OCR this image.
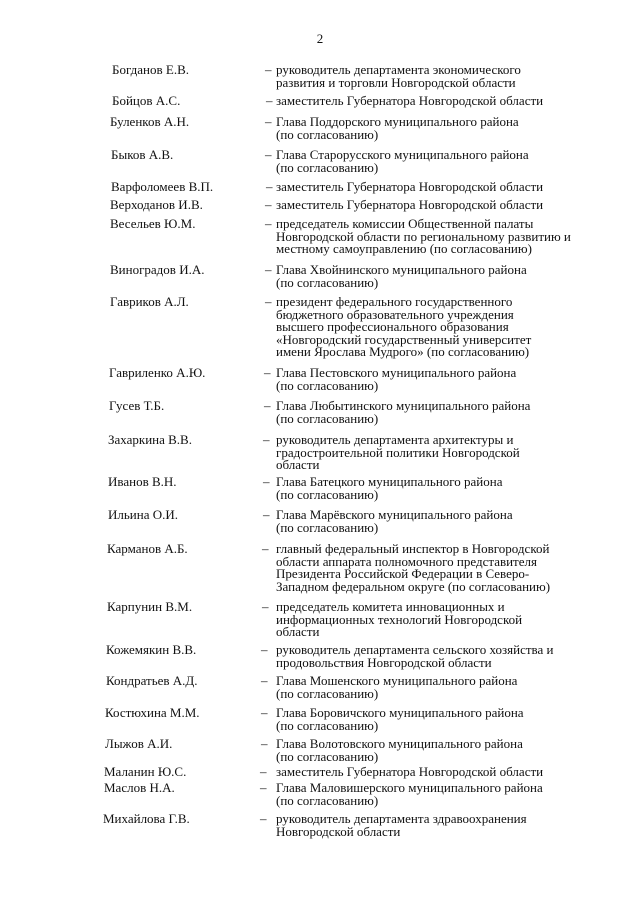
2
Богданов Е.В.	– руководитель департамента экономического
развития и торговли Новгородской области
Бойцов А.С.	– заместитель Губернатора Новгородской области
Буленков А.Н.	– Глава Поддорского муниципального района
(по согласованию)
Быков А.В.	– Глава Старорусского муниципального района
(по согласованию)
Варфоломеев В.П.	– заместитель Губернатора Новгородской области
Верходанов И.В.	– заместитель Губернатора Новгородской области
Весельев Ю.М.	– председатель комиссии Общественной палаты
Новгородской области по региональному развитию и
местному самоуправлению (по согласованию)
Виноградов И.А.	– Глава Хвойнинского муниципального района
(по согласованию)
Гавриков А.Л.	– президент федерального государственного
бюджетного образовательного учреждения
высшего профессионального образования
«Новгородский государственный университет
имени Ярослава Мудрого» (по согласованию)
Гавриленко А.Ю.	– Глава Пестовского муниципального района
(по согласованию)
Гусев Т.Б.	– Глава Любытинского муниципального района
(по согласованию)
Захаркина В.В.	– руководитель департамента архитектуры и
градостроительной политики Новгородской
области
Иванов В.Н.	– Глава Батецкого муниципального района
(по согласованию)
Ильина О.И.	– Глава Марёвского муниципального района
(по согласованию)
Карманов А.Б.	– главный федеральный инспектор в Новгородской
области аппарата полномочного представителя
Президента Российской Федерации в Северо-
Западном федеральном округе (по согласованию)
Карпунин В.М.	– председатель комитета инновационных и
информационных технологий Новгородской
области
Кожемякин В.В.	– руководитель департамента сельского хозяйства и
продовольствия Новгородской области
Кондратьев А.Д.	– Глава Мошенского муниципального района
(по согласованию)
Костюхина М.М.	– Глава Боровичского муниципального района
(по согласованию)
Лыжов А.И.	– Глава Волотовского муниципального района
(по согласованию)
Маланин Ю.С.	– заместитель Губернатора Новгородской области
Маслов Н.А.	– Глава Маловишерского муниципального района
(по согласованию)
Михайлова Г.В.	– руководитель департамента здравоохранения
Новгородской области
